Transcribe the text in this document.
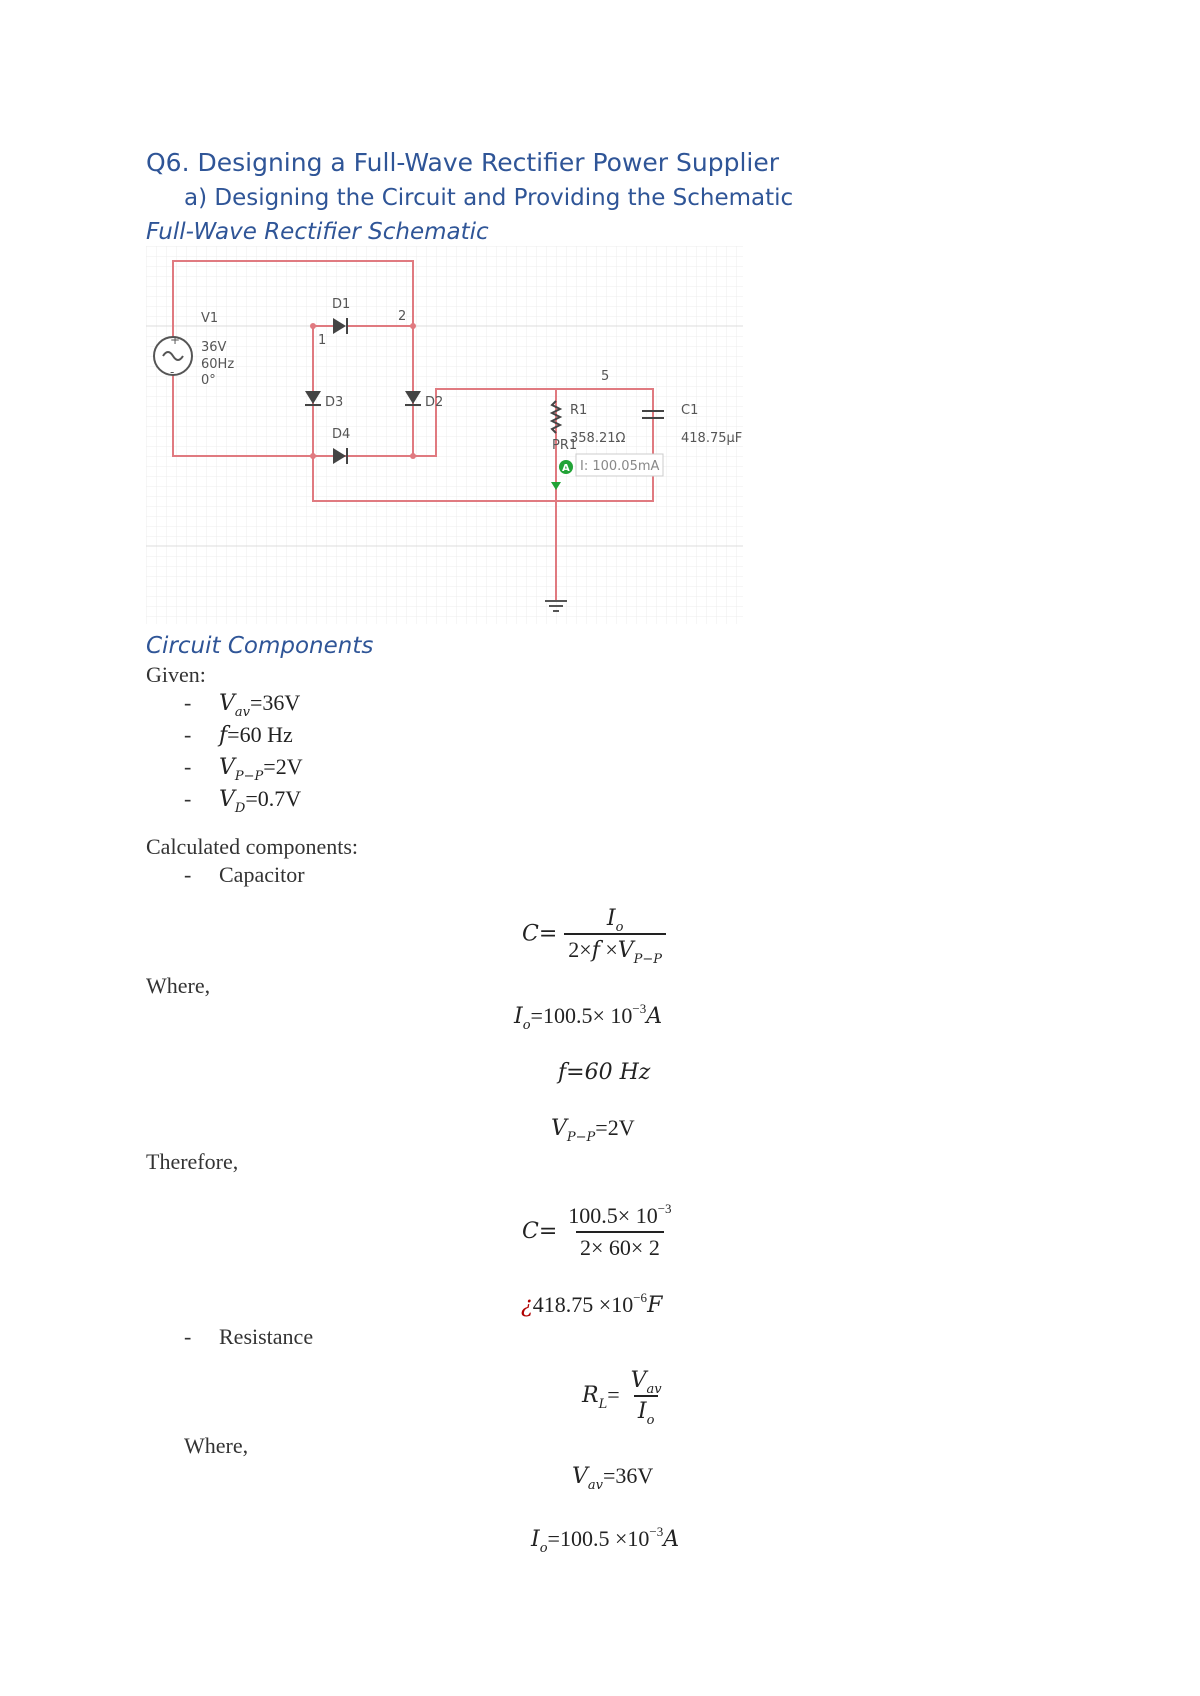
Q6. Designing a Full-Wave Rectifier Power Supplier
a) Designing the Circuit and Providing the Schematic
Full-Wave Rectifier Schematic
+
-
V1
36V
60Hz
0°
D1
1
2
D3	D2
D4
R1
358.21Ω
PR1
C1
418.75μF
5
A I: 100.05mA
Circuit Components
Given:
- $V_{av}=36V$
- f=60 Hz
- $V_{P-P}=2V$
- $V_D=0.7V$
Calculated components:
- Capacitor
$C= \frac{I_o}{2\times f \times V_{P-P}}$
Where,
$I_o=100.5\times 10^{-3}A$
f=60 Hz
$V_{P-P}=2V$
Therefore,
$C= \frac{100.5\times 10^{-3}}{2\times 60\times 2}$
¿$418.75 \times 10^{-6}F$
- Resistance
$R_L= \frac{V_{av}}{I_o}$
Where,
$V_{av}=36V$
$I_o=100.5 \times 10^{-3}A$
